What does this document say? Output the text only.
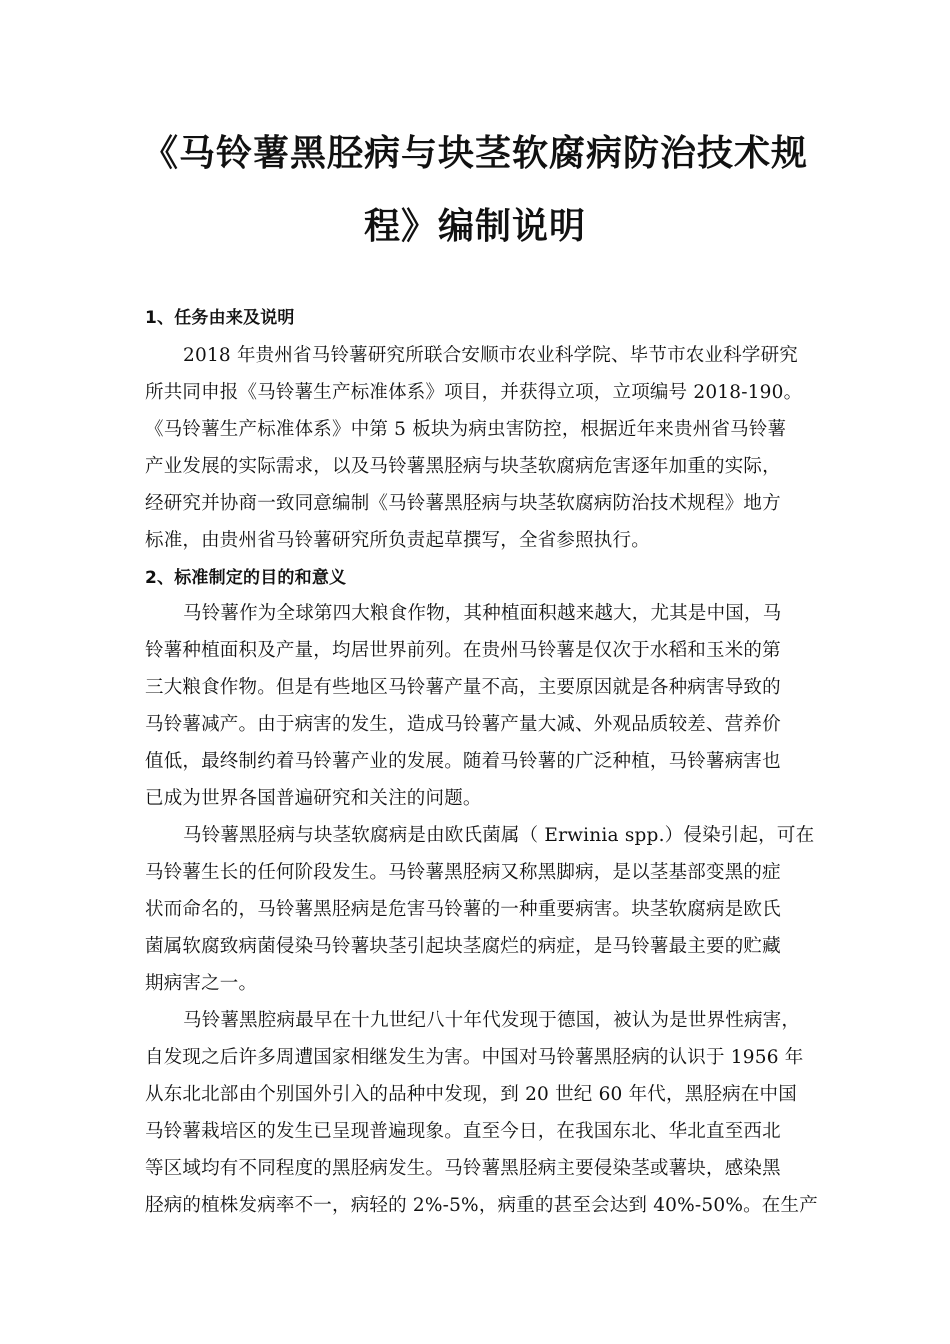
《马铃薯黑胫病与块茎软腐病防治技术规
程》编制说明
1、任务由来及说明
2018 年贵州省马铃薯研究所联合安顺市农业科学院、毕节市农业科学研究
所共同申报《马铃薯生产标准体系》项目，并获得立项，立项编号 2018-190。
《马铃薯生产标准体系》中第 5 板块为病虫害防控，根据近年来贵州省马铃薯
产业发展的实际需求，以及马铃薯黑胫病与块茎软腐病危害逐年加重的实际，
经研究并协商一致同意编制《马铃薯黑胫病与块茎软腐病防治技术规程》地方
标准，由贵州省马铃薯研究所负责起草撰写，全省参照执行。
2、标准制定的目的和意义
马铃薯作为全球第四大粮食作物，其种植面积越来越大，尤其是中国，马
铃薯种植面积及产量，均居世界前列。在贵州马铃薯是仅次于水稻和玉米的第
三大粮食作物。但是有些地区马铃薯产量不高，主要原因就是各种病害导致的
马铃薯减产。由于病害的发生，造成马铃薯产量大减、外观品质较差、营养价
值低，最终制约着马铃薯产业的发展。随着马铃薯的广泛种植，马铃薯病害也
已成为世界各国普遍研究和关注的问题。
马铃薯黑胫病与块茎软腐病是由欧氏菌属（ Erwinia spp.）侵染引起，可在
马铃薯生长的任何阶段发生。马铃薯黑胫病又称黑脚病，是以茎基部变黑的症
状而命名的，马铃薯黑胫病是危害马铃薯的一种重要病害。块茎软腐病是欧氏
菌属软腐致病菌侵染马铃薯块茎引起块茎腐烂的病症，是马铃薯最主要的贮藏
期病害之一。
马铃薯黑腔病最早在十九世纪八十年代发现于德国，被认为是世界性病害，
自发现之后许多周遭国家相继发生为害。中国对马铃薯黑胫病的认识于 1956 年
从东北北部由个别国外引入的品种中发现，到 20 世纪 60 年代，黑胫病在中国
马铃薯栽培区的发生已呈现普遍现象。直至今日，在我国东北、华北直至西北
等区域均有不同程度的黑胫病发生。马铃薯黑胫病主要侵染茎或薯块，感染黑
胫病的植株发病率不一，病轻的 2%-5%，病重的甚至会达到 40%-50%。在生产
